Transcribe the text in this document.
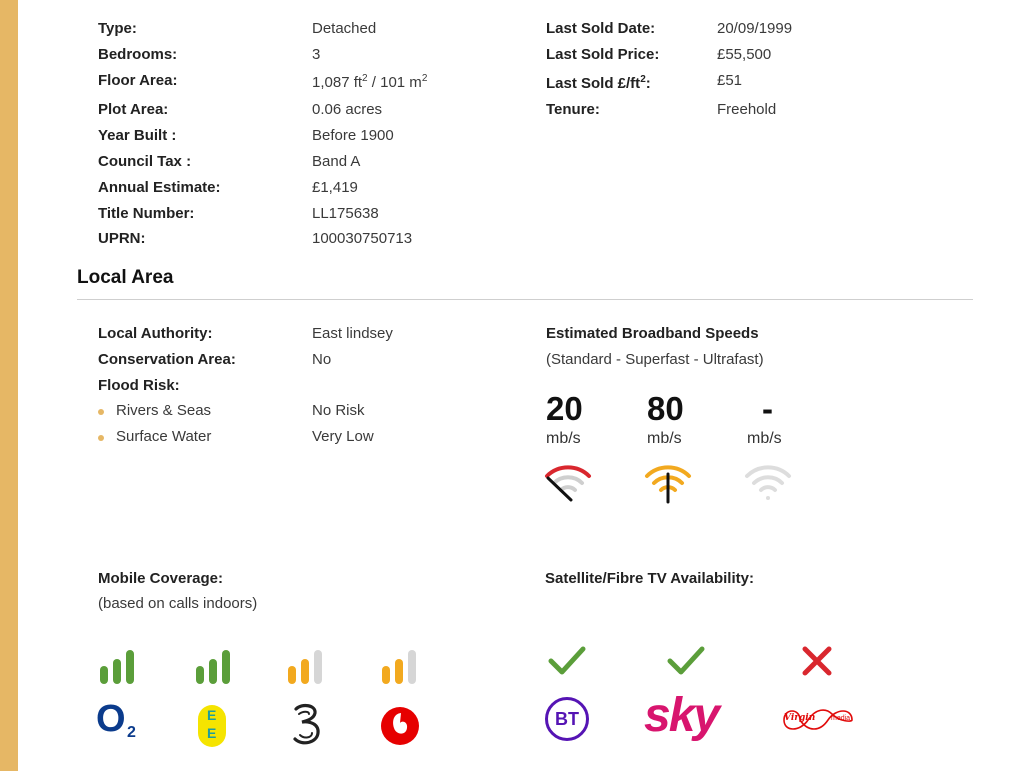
Type:	Detached
Bedrooms:	3
Floor Area:	1,087 $ft^2 / 101$ $m^2$
Plot Area:	0.06 acres
Year Built :	Before 1900
Council Tax :	Band A
Annual Estimate:	£1,419
Title Number:	LL175638
UPRN:	100030750713
Last Sold Date:	20/09/1999
Last Sold Price:	£55,500
Last Sold $£/ft^2$:	£51
Tenure:	Freehold
Local Area
Local Authority:	East lindsey
Conservation Area:	No
Flood Risk:
Rivers & Seas	No Risk
Surface Water	Very Low
Estimated Broadband Speeds
(Standard - Superfast - Ultrafast)
20
mb/s
80
mb/s
-
mb/s
Mobile Coverage:
(based on calls indoors)
O 2
E
E
Satellite/Fibre TV Availability:
BT sky	Virgin media
